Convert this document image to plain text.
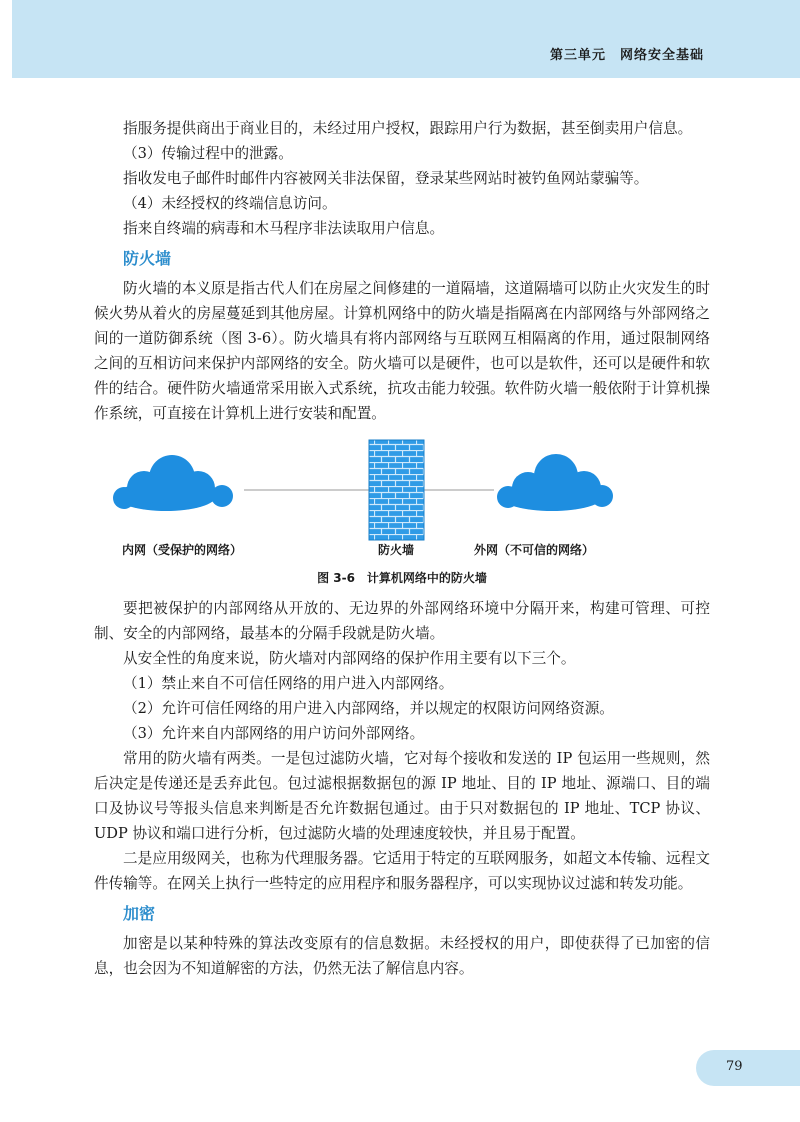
第三单元 网络安全基础

指服务提供商出于商业目的，未经过用户授权，跟踪用户行为数据，甚至倒卖用户信息。

（3）传输过程中的泄露。

指收发电子邮件时邮件内容被网关非法保留，登录某些网站时被钓鱼网站蒙骗等。

（4）未经授权的终端信息访问。

指来自终端的病毒和木马程序非法读取用户信息。

防火墙

防火墙的本义原是指古代人们在房屋之间修建的一道隔墙，这道隔墙可以防止火灾发生的时候火势从着火的房屋蔓延到其他房屋。计算机网络中的防火墙是指隔离在内部网络与外部网络之间的一道防御系统（图 3-6）。防火墙具有将内部网络与互联网互相隔离的作用，通过限制网络之间的互相访问来保护内部网络的安全。防火墙可以是硬件，也可以是软件，还可以是硬件和软件的结合。硬件防火墙通常采用嵌入式系统，抗攻击能力较强。软件防火墙一般依附于计算机操作系统，可直接在计算机上进行安装和配置。

内网（受保护的网络）	防火墙	外网（不可信的网络）
图 3-6 计算机网络中的防火墙

要把被保护的内部网络从开放的、无边界的外部网络环境中分隔开来，构建可管理、可控制、安全的内部网络，最基本的分隔手段就是防火墙。

从安全性的角度来说，防火墙对内部网络的保护作用主要有以下三个。

（1）禁止来自不可信任网络的用户进入内部网络。

（2）允许可信任网络的用户进入内部网络，并以规定的权限访问网络资源。

（3）允许来自内部网络的用户访问外部网络。

常用的防火墙有两类。一是包过滤防火墙，它对每个接收和发送的 IP 包运用一些规则，然后决定是传递还是丢弃此包。包过滤根据数据包的源 IP 地址、目的 IP 地址、源端口、目的端口及协议号等报头信息来判断是否允许数据包通过。由于只对数据包的 IP 地址、TCP 协议、UDP 协议和端口进行分析，包过滤防火墙的处理速度较快，并且易于配置。

二是应用级网关，也称为代理服务器。它适用于特定的互联网服务，如超文本传输、远程文件传输等。在网关上执行一些特定的应用程序和服务器程序，可以实现协议过滤和转发功能。

加密

加密是以某种特殊的算法改变原有的信息数据。未经授权的用户，即使获得了已加密的信息，也会因为不知道解密的方法，仍然无法了解信息内容。

79
